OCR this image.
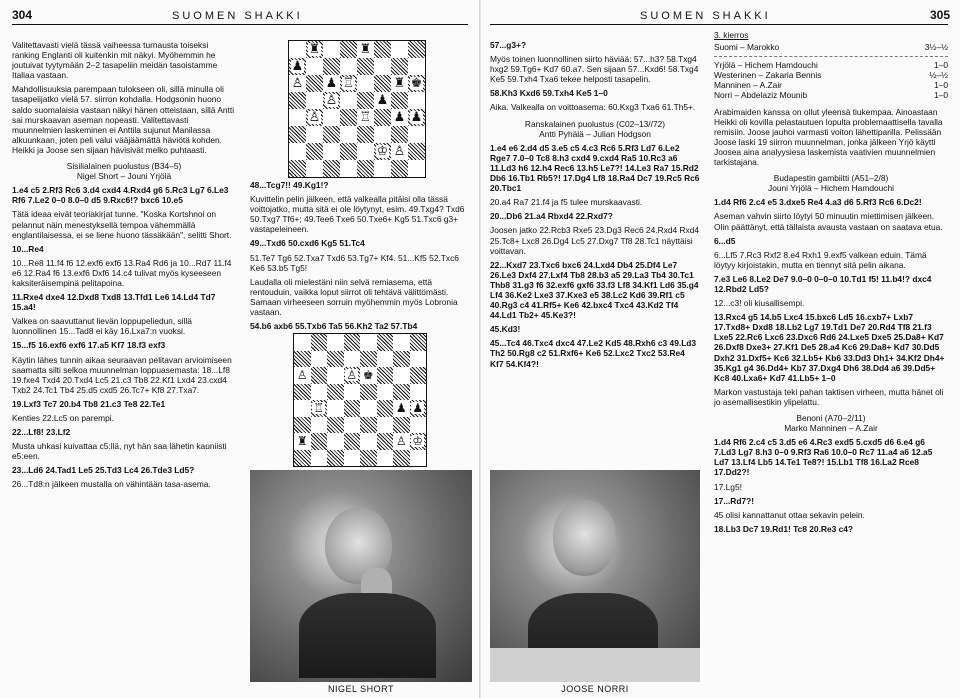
304	SUOMEN SHAKKI	SUOMEN SHAKKI	305

Valitettavasti vielä tässä vaiheessa turnausta toiseksi ranking Englanti oli kuitenkin mit näkyi. Myöhemmin he joutuivat tyytymään 2–2 tasapeliin meidän tasoistamme Italiaa vastaan.

Mahdollisuuksia parempaan tulokseen oli, sillä minulla oli tasapelijatko vielä 57. siirron kohdalla. Hodgsonin huono saldo suomalaisia vastaan näkyi hänen otteistaan, sillä Antti sai murskaavan aseman nopeasti. Valitettavasti muunnelmien laskeminen ei Anttila sujunut Manilassa alkuunkaan, joten peli valui vääjäämättä häviötä kohden. Heikki ja Joose sen sijaan hävisivät melko puhtaasti.

Sisilialainen puolustus (B34–5)

Nigel Short – Jouni Yrjölä

1.e4 c5 2.Rf3 Rc6 3.d4 cxd4 4.Rxd4 g6 5.Rc3 Lg7 6.Le3 Rf6 7.Le2 0–0 8.0–0 d5 9.Rxc6!? bxc6 10.e5

Tätä ideaa eivät teoriakirjat tunne. "Koska Kortshnoi on pelannut näin menestyksellä tempoa vähemmällä englantilaisessa, ei se liene huono tässäkään", selitti Short.

10...Re4

10...Re8 11.f4 f6 12.exf6 exf6 13.Ra4 Rd6 ja 10...Rd7 11.f4 e6 12.Ra4 f6 13.exf6 Dxf6 14.c4 tulivat myös kyseeseen kaksiteräisempinä pelitapoina.

11.Rxe4 dxe4 12.Dxd8 Txd8 13.Tfd1 Le6 14.Ld4 Td7 15.a4!

Valkea on saavuttanut lievän loppupelieduп, sillä luonnollinen 15...Tad8 ei käy 16.Lxa7:n vuoksi.

15...f5 16.exf6 exf6 17.a5 Kf7 18.f3 exf3

Käytin lähes tunnin aikaa seuraavan pelitavan arvioimiseen saamatta silti selkoa muunnelman loppuasemasta: 18...Lf8 19.fxe4 Txd4 20.Txd4 Lc5 21.c3 Tb8 22.Kf1 Lxd4 23.cxd4 Txb2 24.Tc1 Tb4 25.d5 cxd5 26.Tc7+ Kf8 27.Txa7.

19.Lxf3 Tc7 20.b4 Tb8 21.c3 Te8 22.Te1

Kenties 22.Lc5 on parempi.

22...Lf8! 23.Lf2

Musta uhkasi kuivattaa c5:llä, nyt hän saa lähetin kauniisti e5:een.

23...Ld6 24.Tad1 Le5 25.Td3 Lc4 26.Tde3 Ld5?

26...Td8:n jälkeen mustalla on vähintään tasa-asema.

♜	♜
♟
♙ ♟ ♖	♜ ♚
♙	♟
♙	♖ ♟ ♟
♔ ♙

48...Tcg7!! 49.Kg1!?

Kuvittelin pelin jälkeen, että valkealla pitäisi olla tässä voittojatko, mutta sitä ei ole löytynyt, esim. 49.Txg4? Txd6 50.Txg7 Tf6+; 49.Tee6 Txe6 50.Txe6+ Kg5 51.Txc6 g3+ vastapeleineen.

49...Txd6 50.cxd6 Kg5 51.Tc4

51.Te7 Tg6 52.Txa7 Txd6 53.Tg7+ Kf4. 51...Kf5 52.Txc6 Ke6 53.b5 Tg5!

Laudalla oli mielestäni niin selvä remiasema, että rentouduin, vaikka loput siirrot oli tehtävä välittömästi. Samaan virheeseen sorruin myöhemmin myös Lobronia vastaan.

54.b6 axb6 55.Txb6 Ta5 56.Kh2 Ta2 57.Tb4

♙	♙ ♚
♖	♟ ♟
♜	♙ ♔
NIGEL SHORT

57...g3+?

Myös toinen luonnollinen siirto häviää: 57...h3? 58.Txg4 hxg2 59.Tg6+ Kd7 60.a7. Sen sijaan 57...Kxd6! 58.Txg4 Ke5 59.Txh4 Txa6 tekee helposti tasapelin.

58.Kh3 Kxd6 59.Txh4 Ke5 1–0

Aika. Valkealla on voittoasema: 60.Kxg3 Txa6 61.Th5+.

Ranskalainen puolustus (C02–13//72)

Antti Pyhälä – Julian Hodgson

1.e4 e6 2.d4 d5 3.e5 c5 4.c3 Rc6 5.Rf3 Ld7 6.Le2 Rge7 7.0–0 Tc8 8.h3 cxd4 9.cxd4 Ra5 10.Rc3 a6 11.Ld3 h6 12.h4 Rec6 13.h5 Le7?! 14.Le3 Ra7 15.Rd2 Db6 16.Tb1 Rb5?! 17.Dg4 Lf8 18.Ra4 Dc7 19.Rc5 Rc6 20.Tbc1

20.a4 Ra7 21.f4 ja f5 tulee murskaavasti.

20...Db6 21.a4 Rbxd4 22.Rxd7?

Joosen jatko 22.Rcb3 Rxe5 23.Dg3 Rec6 24.Rxd4 Rxd4 25.Tc8+ Lxc8 26.Dg4 Lc5 27.Dxg7 Tf8 28.Tc1 näyttäisi voittavan.

22...Kxd7 23.Txc6 bxc6 24.Lxd4 Db4 25.Df4 Le7 26.Le3 Dxf4 27.Lxf4 Tb8 28.b3 a5 29.La3 Tb4 30.Tc1 Thb8 31.g3 f6 32.exf6 gxf6 33.f3 Lf8 34.Kf1 Ld6 35.g4 Lf4 36.Ke2 Lxe3 37.Kxe3 e5 38.Lc2 Kd6 39.Rf1 c5 40.Rg3 c4 41.Rf5+ Ke6 42.bxc4 Txc4 43.Kd2 Tf4 44.Ld1 Tb2+ 45.Ke3?!

45.Kd3!

45...Tc4 46.Txc4 dxc4 47.Le2 Kd5 48.Rxh6 c3 49.Ld3 Th2 50.Rg8 c2 51.Rxf6+ Ke6 52.Lxc2 Txc2 53.Re4 Kf7 54.Kf4?!

JOOSE NORRI

3. kierros

Suomi – Marokko	3½–½
Yrjölä – Hichem Hamdouchi	1–0
Westerinen – Zakaria Bennis	½–½
Manninen – A.Zair	1–0
Norri – Abdelaziz Mounib	1–0

Arabimaiden kanssa on ollut yleensä tiukempaa. Ainoastaan Heikki oli kovilla pelastautuen lopulta problemaattisella tavalla remisiin. Joose jauhoi varmasti voiton lähettiparilla. Pelissään Joose laski 19 siirron muunnelman, jonka jälkeen Yrjö käytti Joosea aina analyysiesa laskemista vaativien muunnelmien tarkistajana.

Budapestin gambiitti (A51–2/8)

Jouni Yrjölä – Hichem Hamdouchi

1.d4 Rf6 2.c4 e5 3.dxe5 Re4 4.a3 d6 5.Rf3 Rc6 6.Dc2!

Aseman vahvin siirto löytyi 50 minuutin miettimisen jälkeen. Olin päättänyt, että tällaista avausta vastaan on saatava etua.

6...d5

6...Lf5 7.Rc3 Rxf2 8.e4 Rxh1 9.exf5 valkean eduin. Tämä löytyy kirjoistakin, mutta en tiennyt sitä pelin aikana.

7.e3 Le6 8.Le2 De7 9.0–0 0–0–0 10.Td1 f5! 11.b4!? dxc4 12.Rbd2 Ld5?

12...c3! oli kiusallisempi.

13.Rxc4 g5 14.b5 Lxc4 15.bxc6 Ld5 16.cxb7+ Lxb7 17.Txd8+ Dxd8 18.Lb2 Lg7 19.Td1 De7 20.Rd4 Tf8 21.f3 Lxe5 22.Rc6 Lxc6 23.Dxc6 Rd6 24.Lxe5 Dxe5 25.Da8+ Kd7 26.Dxf8 Dxe3+ 27.Kf1 De5 28.a4 Kc6 29.Da8+ Kd7 30.Dd5 Dxh2 31.Dxf5+ Kc6 32.Lb5+ Kb6 33.Dd3 Dh1+ 34.Kf2 Dh4+ 35.Kg1 g4 36.Dd4+ Kb7 37.Dxg4 Dh6 38.Dd4 a6 39.Dd5+ Kc8 40.Lxa6+ Kd7 41.Lb5+ 1–0

Markon vastustaja teki pahan taktisen virheen, mutta hänet oli jo asemallisestikin ylipelattu.

Benoni (A70–2/11)

Marko Manninen – A.Zair

1.d4 Rf6 2.c4 c5 3.d5 e6 4.Rc3 exd5 5.cxd5 d6 6.e4 g6 7.Ld3 Lg7 8.h3 0–0 9.Rf3 Ra6 10.0–0 Rc7 11.a4 a6 12.a5 Ld7 13.Lf4 Lb5 14.Te1 Te8?! 15.Lb1 Tf8 16.La2 Rce8 17.Dd2?!

17.Lg5!

17...Rd7?!

45 olisi kannattanut ottaa sekavin pelein.

18.Lb3 Dc7 19.Rd1! Tc8 20.Re3 c4?
